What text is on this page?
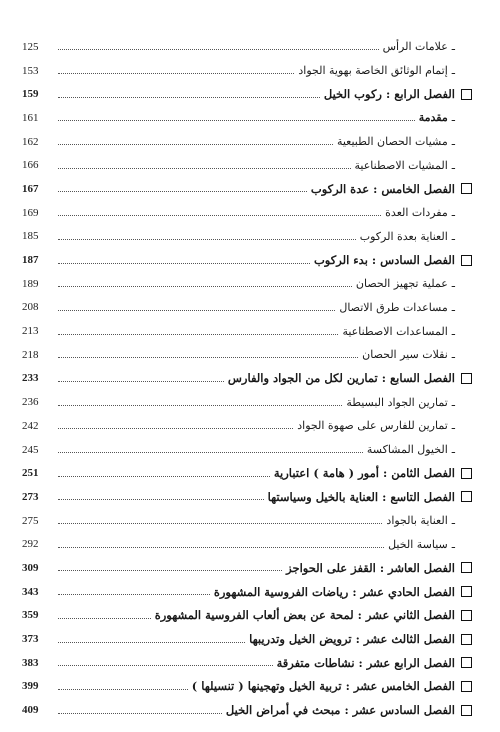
125	علامات الرأس ـ
153	إتمام الوثائق الخاصة بهوية الجواد ـ
159	الفصل الرابع : ركوب الخيل
161	مقدمة ـ
162	مشيات الحصان الطبيعية ـ
166	المشيات الاصطناعية ـ
167	الفصل الخامس : عدة الركوب
169	مفردات العدة ـ
185	العناية بعدة الركوب ـ
187	الفصل السادس : بدء الركوب
189	عملية تجهيز الحصان ـ
208	مساعدات طرق الاتصال ـ
213	المساعدات الاصطناعية ـ
218	نقلات سير الحصان ـ
233	الفصل السابع : تمارين لكل من الجواد والفارس
236	تمارين الجواد البسيطة ـ
242	تمارين للفارس على صهوة الجواد ـ
245	الخيول المشاكسة ـ
251	الفصل الثامن : أمور ( هامة ) اعتبارية
273	الفصل التاسع : العناية بالخيل وسياستها
275	العناية بالجواد ـ
292	سياسة الخيل ـ
309	الفصل العاشر : القفز على الحواجز
343	الفصل الحادي عشر : رياضات الفروسية المشهورة
359	الفصل الثاني عشر : لمحة عن بعض ألعاب الفروسية المشهورة
373	الفصل الثالث عشر : ترويض الخيل وتدريبها
383	الفصل الرابع عشر : نشاطات متفرقة
399	الفصل الخامس عشر : تربية الخيل وتهجينها ( تنسيلها )
409	الفصل السادس عشر : مبحث في أمراض الخيل
